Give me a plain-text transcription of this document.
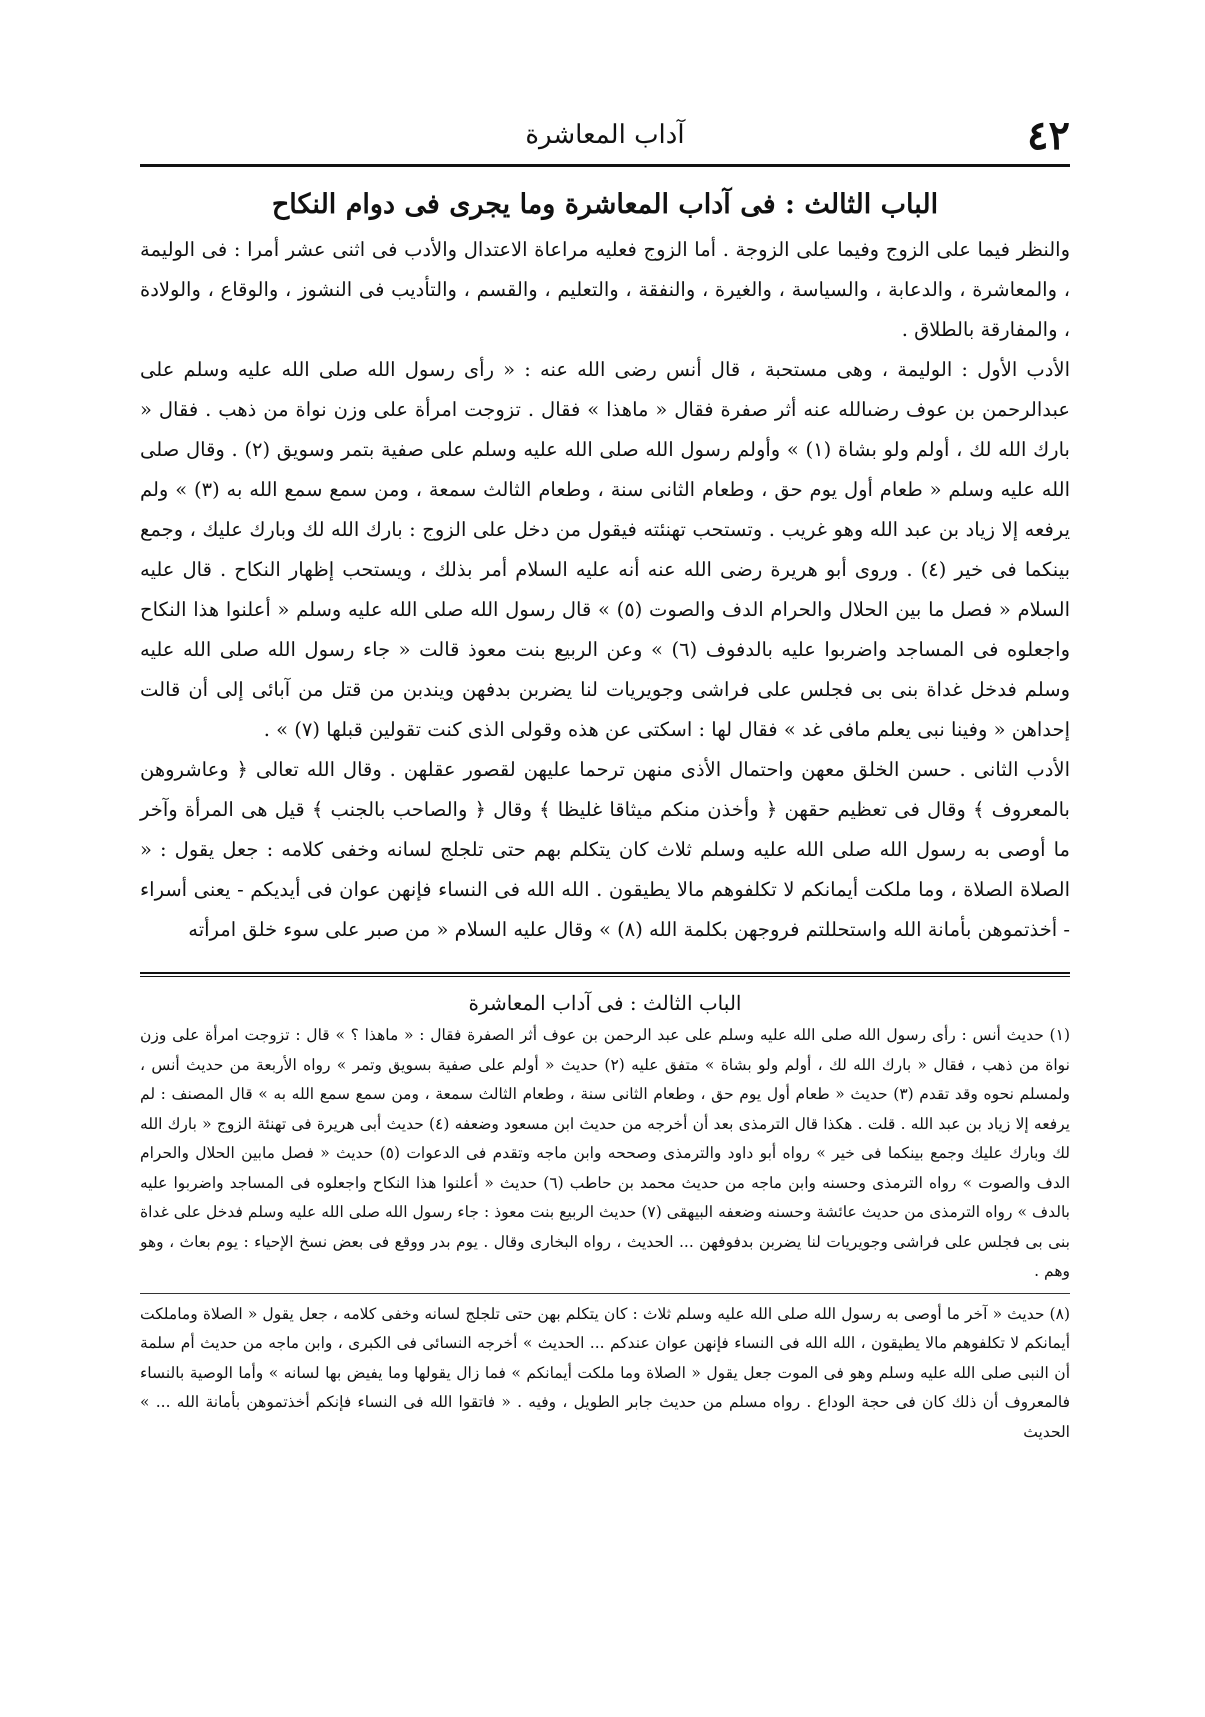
٤٢
آداب المعاشرة
الباب الثالث : فى آداب المعاشرة وما يجرى فى دوام النكاح

والنظر فيما على الزوج وفيما على الزوجة . أما الزوج فعليه مراعاة الاعتدال والأدب فى اثنى عشر أمرا : فى الوليمة ، والمعاشرة ، والدعابة ، والسياسة ، والغيرة ، والنفقة ، والتعليم ، والقسم ، والتأديب فى النشوز ، والوقاع ، والولادة ، والمفارقة بالطلاق .

الأدب الأول : الوليمة ، وهى مستحبة ، قال أنس رضى الله عنه : « رأى رسول الله صلى الله عليه وسلم على عبدالرحمن بن عوف رضىالله عنه أثر صفرة فقال « ماهذا » فقال . تزوجت امرأة على وزن نواة من ذهب . فقال « بارك الله لك ، أولم ولو بشاة (١) » وأولم رسول الله صلى الله عليه وسلم على صفية بتمر وسويق (٢) . وقال صلى الله عليه وسلم « طعام أول يوم حق ، وطعام الثانى سنة ، وطعام الثالث سمعة ، ومن سمع سمع الله به (٣) » ولم يرفعه إلا زياد بن عبد الله وهو غريب . وتستحب تهنئته فيقول من دخل على الزوج : بارك الله لك وبارك عليك ، وجمع بينكما فى خير (٤) . وروى أبو هريرة رضى الله عنه أنه عليه السلام أمر بذلك ، ويستحب إظهار النكاح . قال عليه السلام « فصل ما بين الحلال والحرام الدف والصوت (٥) » قال رسول الله صلى الله عليه وسلم « أعلنوا هذا النكاح واجعلوه فى المساجد واضربوا عليه بالدفوف (٦) » وعن الربيع بنت معوذ قالت « جاء رسول الله صلى الله عليه وسلم فدخل غداة بنى بى فجلس على فراشى وجويريات لنا يضربن بدفهن ويندبن من قتل من آبائى إلى أن قالت إحداهن « وفينا نبى يعلم مافى غد » فقال لها : اسكتى عن هذه وقولى الذى كنت تقولين قبلها (٧) » .

الأدب الثانى . حسن الخلق معهن واحتمال الأذى منهن ترحما عليهن لقصور عقلهن . وقال الله تعالى ﴿ وعاشروهن بالمعروف ﴾ وقال فى تعظيم حقهن ﴿ وأخذن منكم ميثاقا غليظا ﴾ وقال ﴿ والصاحب بالجنب ﴾ قيل هى المرأة وآخر ما أوصى به رسول الله صلى الله عليه وسلم ثلاث كان يتكلم بهم حتى تلجلج لسانه وخفى كلامه : جعل يقول : « الصلاة الصلاة ، وما ملكت أيمانكم لا تكلفوهم مالا يطيقون . الله الله فى النساء فإنهن عوان فى أيديكم - يعنى أسراء - أخذتموهن بأمانة الله واستحللتم فروجهن بكلمة الله (٨) » وقال عليه السلام « من صبر على سوء خلق امرأته

الباب الثالث : فى آداب المعاشرة

(١) حديث أنس : رأى رسول الله صلى الله عليه وسلم على عبد الرحمن بن عوف أثر الصفرة فقال : « ماهذا ؟ » قال : تزوجت امرأة على وزن نواة من ذهب ، فقال « بارك الله لك ، أولم ولو بشاة » متفق عليه (٢) حديث « أولم على صفية بسويق وتمر » رواه الأربعة من حديث أنس ، ولمسلم نحوه وقد تقدم (٣) حديث « طعام أول يوم حق ، وطعام الثانى سنة ، وطعام الثالث سمعة ، ومن سمع سمع الله به » قال المصنف : لم يرفعه إلا زياد بن عبد الله . قلت . هكذا قال الترمذى بعد أن أخرجه من حديث ابن مسعود وضعفه (٤) حديث أبى هريرة فى تهنئة الزوج « بارك الله لك وبارك عليك وجمع بينكما فى خير » رواه أبو داود والترمذى وصححه وابن ماجه وتقدم فى الدعوات (٥) حديث « فصل مابين الحلال والحرام الدف والصوت » رواه الترمذى وحسنه وابن ماجه من حديث محمد بن حاطب (٦) حديث « أعلنوا هذا النكاح واجعلوه فى المساجد واضربوا عليه بالدف » رواه الترمذى من حديث عائشة وحسنه وضعفه البيهقى (٧) حديث الربيع بنت معوذ : جاء رسول الله صلى الله عليه وسلم فدخل على غداة بنى بى فجلس على فراشى وجويريات لنا يضربن بدفوفهن ... الحديث ، رواه البخارى وقال . يوم بدر ووقع فى بعض نسخ الإحياء : يوم بعاث ، وهو وهم .

(٨) حديث « آخر ما أوصى به رسول الله صلى الله عليه وسلم ثلاث : كان يتكلم بهن حتى تلجلج لسانه وخفى كلامه ، جعل يقول « الصلاة وماملكت أيمانكم لا تكلفوهم مالا يطيقون ، الله الله فى النساء فإنهن عوان عندكم ... الحديث » أخرجه النسائى فى الكبرى ، وابن ماجه من حديث أم سلمة أن النبى صلى الله عليه وسلم وهو فى الموت جعل يقول « الصلاة وما ملكت أيمانكم » فما زال يقولها وما يفيض بها لسانه » وأما الوصية بالنساء فالمعروف أن ذلك كان فى حجة الوداع . رواه مسلم من حديث جابر الطويل ، وفيه . « فاتقوا الله فى النساء فإنكم أخذتموهن بأمانة الله ... » الحديث
